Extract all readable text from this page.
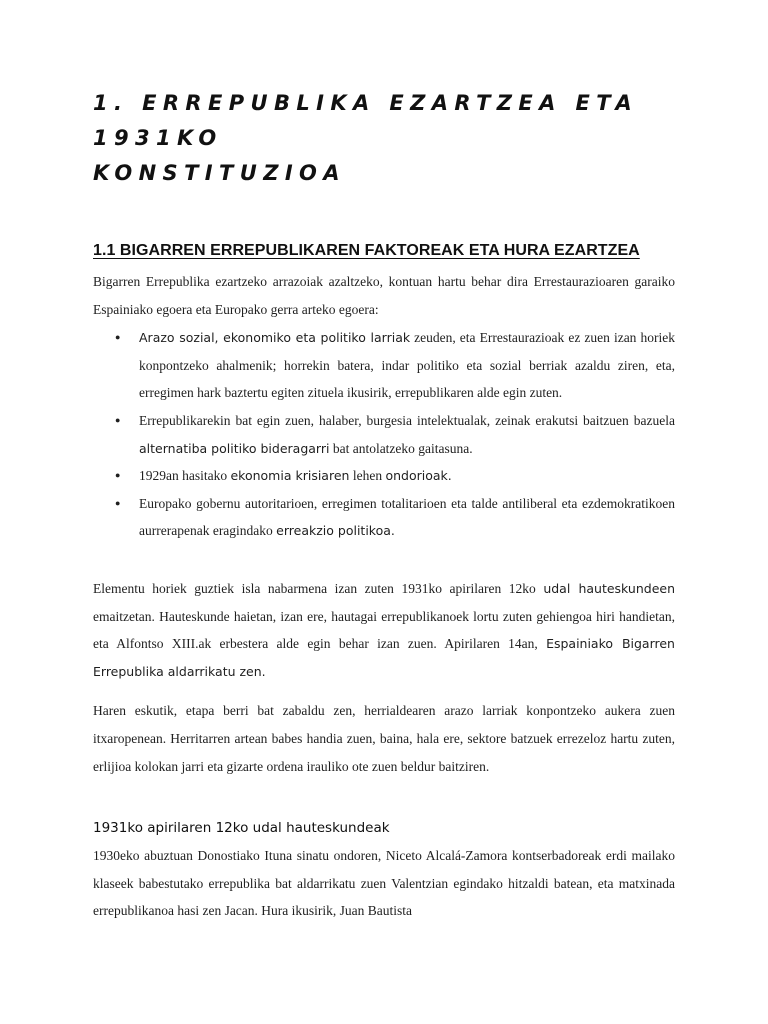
1. ERREPUBLIKA EZARTZEA ETA 1931KO
KONSTITUZIOA
1.1 BIGARREN ERREPUBLIKAREN FAKTOREAK ETA HURA EZARTZEA

Bigarren Errepublika ezartzeko arrazoiak azaltzeko, kontuan hartu behar dira Errestaurazioaren garaiko Espainiako egoera eta Europako gerra arteko egoera:

● Arazo sozial, ekonomiko eta politiko larriak zeuden, eta Errestaurazioak ez zuen izan horiek konpontzeko ahalmenik; horrekin batera, indar politiko eta sozial berriak azaldu ziren, eta, erregimen hark baztertu egiten zituela ikusirik, errepublikaren alde egin zuten.
● Errepublikarekin bat egin zuen, halaber, burgesia intelektualak, zeinak erakutsi baitzuen bazuela alternatiba politiko bideragarri bat antolatzeko gaitasuna.
● 1929an hasitako ekonomia krisiaren lehen ondorioak.
● Europako gobernu autoritarioen, erregimen totalitarioen eta talde antiliberal eta ezdemokratikoen aurrerapenak eragindako erreakzio politikoa.

Elementu horiek guztiek isla nabarmena izan zuten 1931ko apirilaren 12ko udal hauteskundeen emaitzetan. Hauteskunde haietan, izan ere, hautagai errepublikanoek lortu zuten gehiengoa hiri handietan, eta Alfontso XIII.ak erbestera alde egin behar izan zuen. Apirilaren 14an, Espainiako Bigarren Errepublika aldarrikatu zen.

Haren eskutik, etapa berri bat zabaldu zen, herrialdearen arazo larriak konpontzeko aukera zuen itxaropenean. Herritarren artean babes handia zuen, baina, hala ere, sektore batzuek errezeloz hartu zuten, erlijioa kolokan jarri eta gizarte ordena irauliko ote zuen beldur baitziren.

1931ko apirilaren 12ko udal hauteskundeak

1930eko abuztuan Donostiako Ituna sinatu ondoren, Niceto Alcalá-Zamora kontserbadoreak erdi mailako klaseek babestutako errepublika bat aldarrikatu zuen Valentzian egindako hitzaldi batean, eta matxinada errepublikanoa hasi zen Jacan. Hura ikusirik, Juan Bautista
